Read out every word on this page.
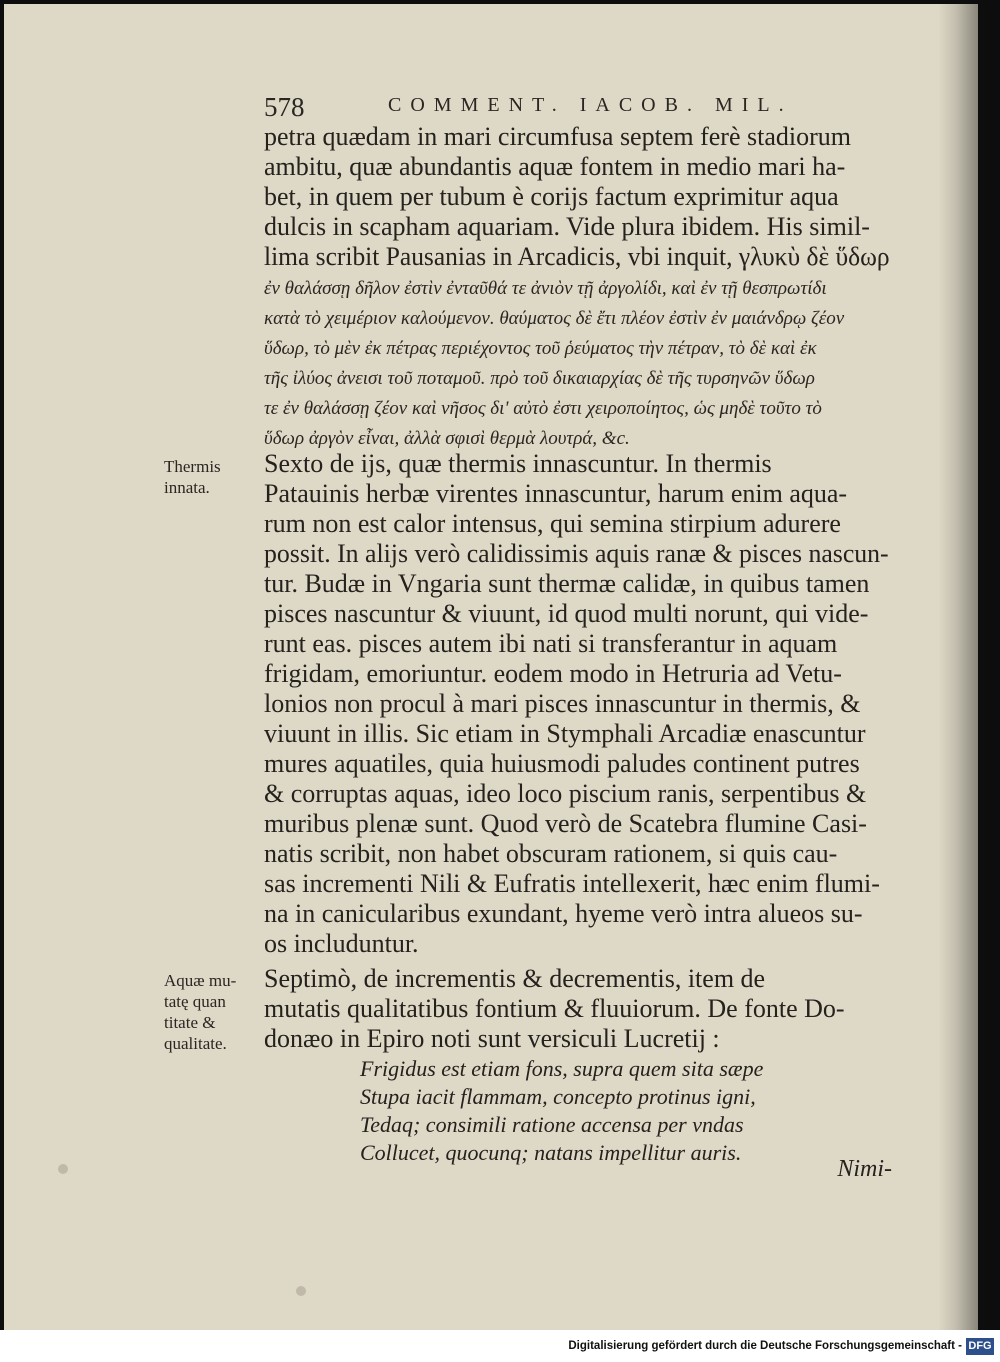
578	COMMENT. IACOB. MIL.
petra quædam in mari circumfusa septem ferè stadiorum
ambitu, quæ abundantis aquæ fontem in medio mari ha-
bet, in quem per tubum è corijs factum exprimitur aqua
dulcis in scapham aquariam. Vide plura ibidem. His simil-
lima scribit Pausanias in Arcadicis, vbi inquit, γλυκὺ δὲ ὕδωρ
ἐν θαλάσσῃ δῆλον ἐστὶν ἐνταῦθά τε ἀνιὸν τῇ ἀργολίδι, καὶ ἐν τῇ θεσπρωτίδι
κατὰ τὸ χειμέριον καλούμενον. θαύματος δὲ ἔτι πλέον ἐστὶν ἐν μαιάνδρῳ ζέον
ὕδωρ, τὸ μὲν ἐκ πέτρας περιέχοντος τοῦ ῥεύματος τὴν πέτραν, τὸ δὲ καὶ ἐκ
τῆς ἰλύος ἀνεισι τοῦ ποταμοῦ. πρὸ τοῦ δικαιαρχίας δὲ τῆς τυρσηνῶν ὕδωρ
τε ἐν θαλάσσῃ ζέον καὶ νῆσος δι' αὐτὸ ἐστι χειροποίητος, ὡς μηδὲ τοῦτο τὸ
ὕδωρ ἀργὸν εἶναι, ἀλλὰ σφισὶ θερμὰ λουτρά, &c.
Sexto de ijs, quæ thermis innascuntur. In thermis
Patauinis herbæ virentes innascuntur, harum enim aqua-
rum non est calor intensus, qui semina stirpium adurere
possit. In alijs verò calidissimis aquis ranæ & pisces nascun-
tur. Budæ in Vngaria sunt thermæ calidæ, in quibus tamen
pisces nascuntur & viuunt, id quod multi norunt, qui vide-
runt eas. pisces autem ibi nati si transferantur in aquam
frigidam, emoriuntur. eodem modo in Hetruria ad Vetu-
lonios non procul à mari pisces innascuntur in thermis, &
viuunt in illis. Sic etiam in Stymphali Arcadiæ enascuntur
mures aquatiles, quia huiusmodi paludes continent putres
& corruptas aquas, ideo loco piscium ranis, serpentibus &
muribus plenæ sunt. Quod verò de Scatebra flumine Casi-
natis scribit, non habet obscuram rationem, si quis cau-
sas incrementi Nili & Eufratis intellexerit, hæc enim flumi-
na in canicularibus exundant, hyeme verò intra alueos su-
os includuntur.
Septimò, de incrementis & decrementis, item de
mutatis qualitatibus fontium & fluuiorum. De fonte Do-
donæo in Epiro noti sunt versiculi Lucretij :
Frigidus est etiam fons, supra quem sita sæpe
Stupa iacit flammam, concepto protinus igni,
Tedaq; consimili ratione accensa per vndas
Collucet, quocunq; natans impellitur auris.
Nimi-
Thermis
innata.
Aquæ mu-
tatę quan
titate &
qualitate.
Digitalisierung gefördert durch die Deutsche Forschungsgemeinschaft - DFG
